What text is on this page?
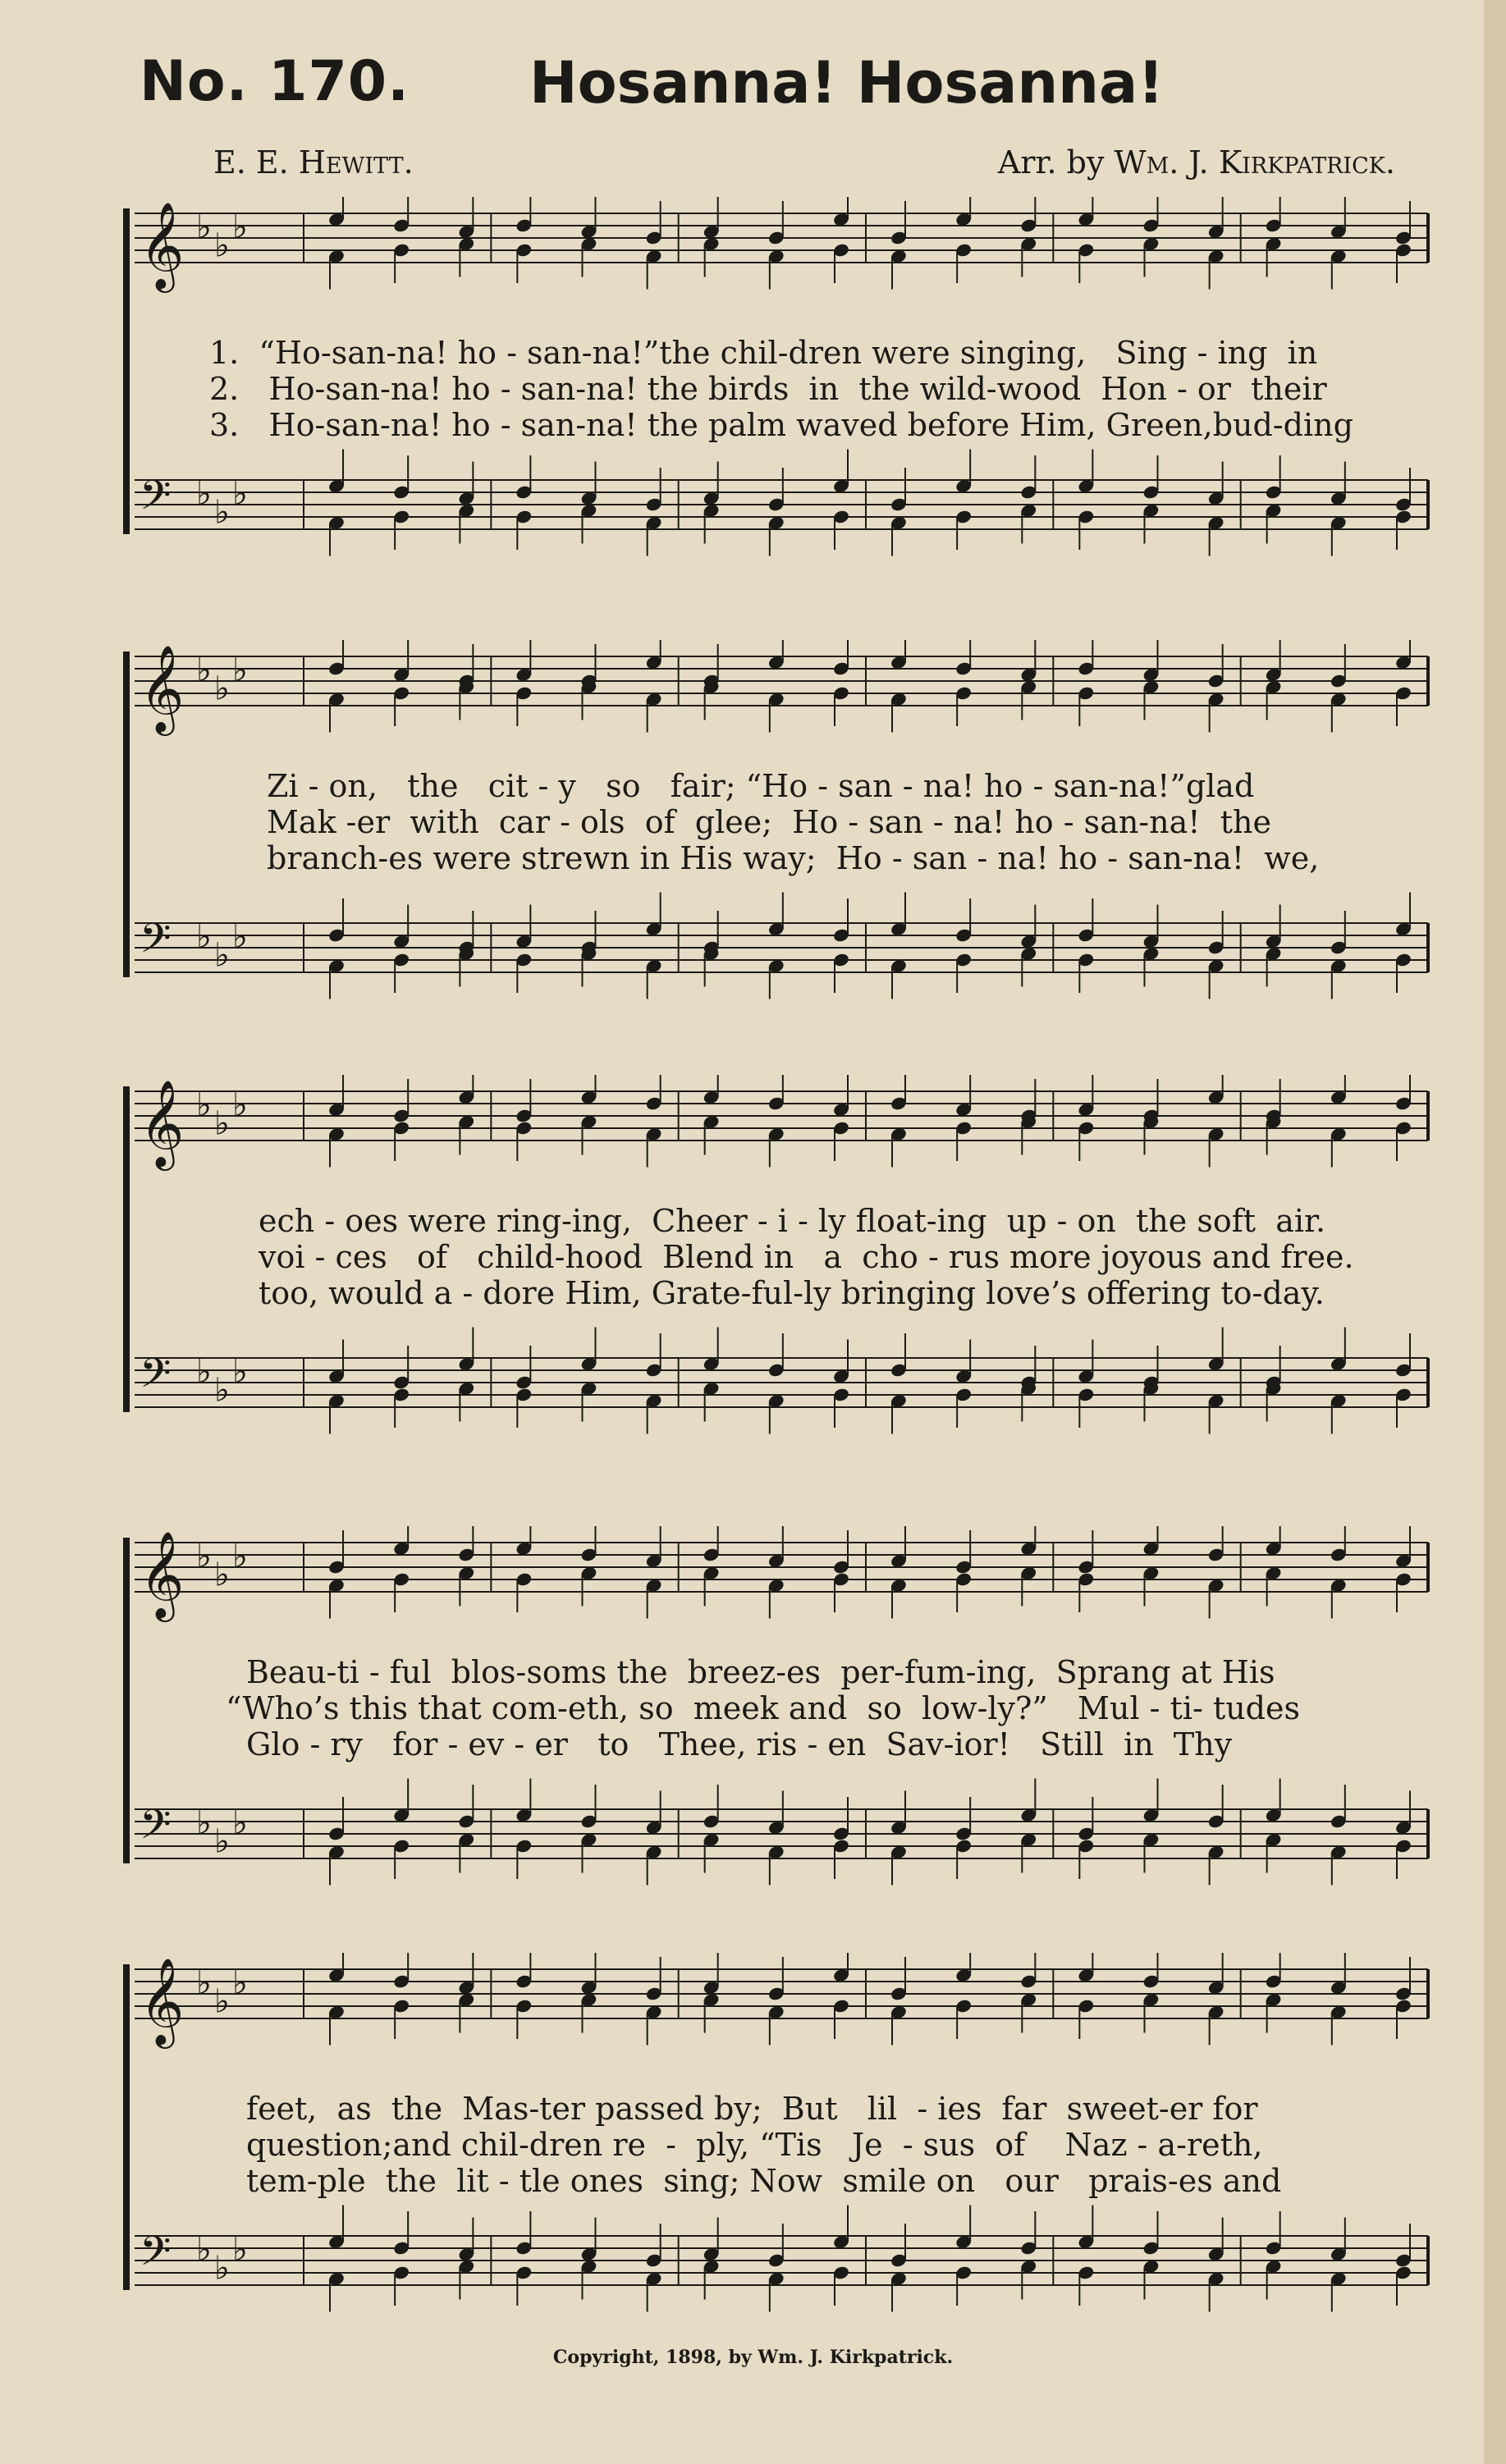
No. 170. Hosanna! Hosanna!
E. E. Hewitt.	Arr. by Wm. J. Kirkpatrick.
𝄞 ♭ ♭ ♭
𝄢 ♭ ♭ ♭
1.  “Ho-san-na! ho - san-na!”the chil-dren were singing,   Sing - ing  in
2.   Ho-san-na! ho - san-na! the birds  in  the wild-wood  Hon - or  their
3.   Ho-san-na! ho - san-na! the palm waved before Him, Green,bud-ding
𝄞 ♭ ♭ ♭
𝄢 ♭ ♭ ♭
Zi - on,   the   cit - y   so   fair; “Ho - san - na! ho - san-na!”glad
Mak -er  with  car - ols  of  glee;  Ho - san - na! ho - san-na!  the
branch-es were strewn in His way;  Ho - san - na! ho - san-na!  we,
𝄞 ♭ ♭ ♭
𝄢 ♭ ♭ ♭
ech - oes were ring-ing,  Cheer - i - ly float-ing  up - on  the soft  air.
voi - ces   of   child-hood  Blend in   a  cho - rus more joyous and free.
too, would a - dore Him, Grate-ful-ly bringing love’s offering to-day.
𝄞 ♭ ♭ ♭
𝄢 ♭ ♭ ♭
Beau-ti - ful  blos-soms the  breez-es  per-fum-ing,  Sprang at His
“Who’s this that com-eth, so  meek and  so  low-ly?”   Mul - ti- tudes
Glo - ry   for - ev - er   to   Thee, ris - en  Sav-ior!   Still  in  Thy
𝄞 ♭ ♭ ♭
𝄢 ♭ ♭ ♭
feet,  as  the  Mas-ter passed by;  But   lil  - ies  far  sweet-er for
question;and chil-dren re  -  ply, “Tis   Je  - sus  of    Naz - a-reth,
tem-ple  the  lit - tle ones  sing; Now  smile on   our   prais-es and
Copyright, 1898, by Wm. J. Kirkpatrick.
